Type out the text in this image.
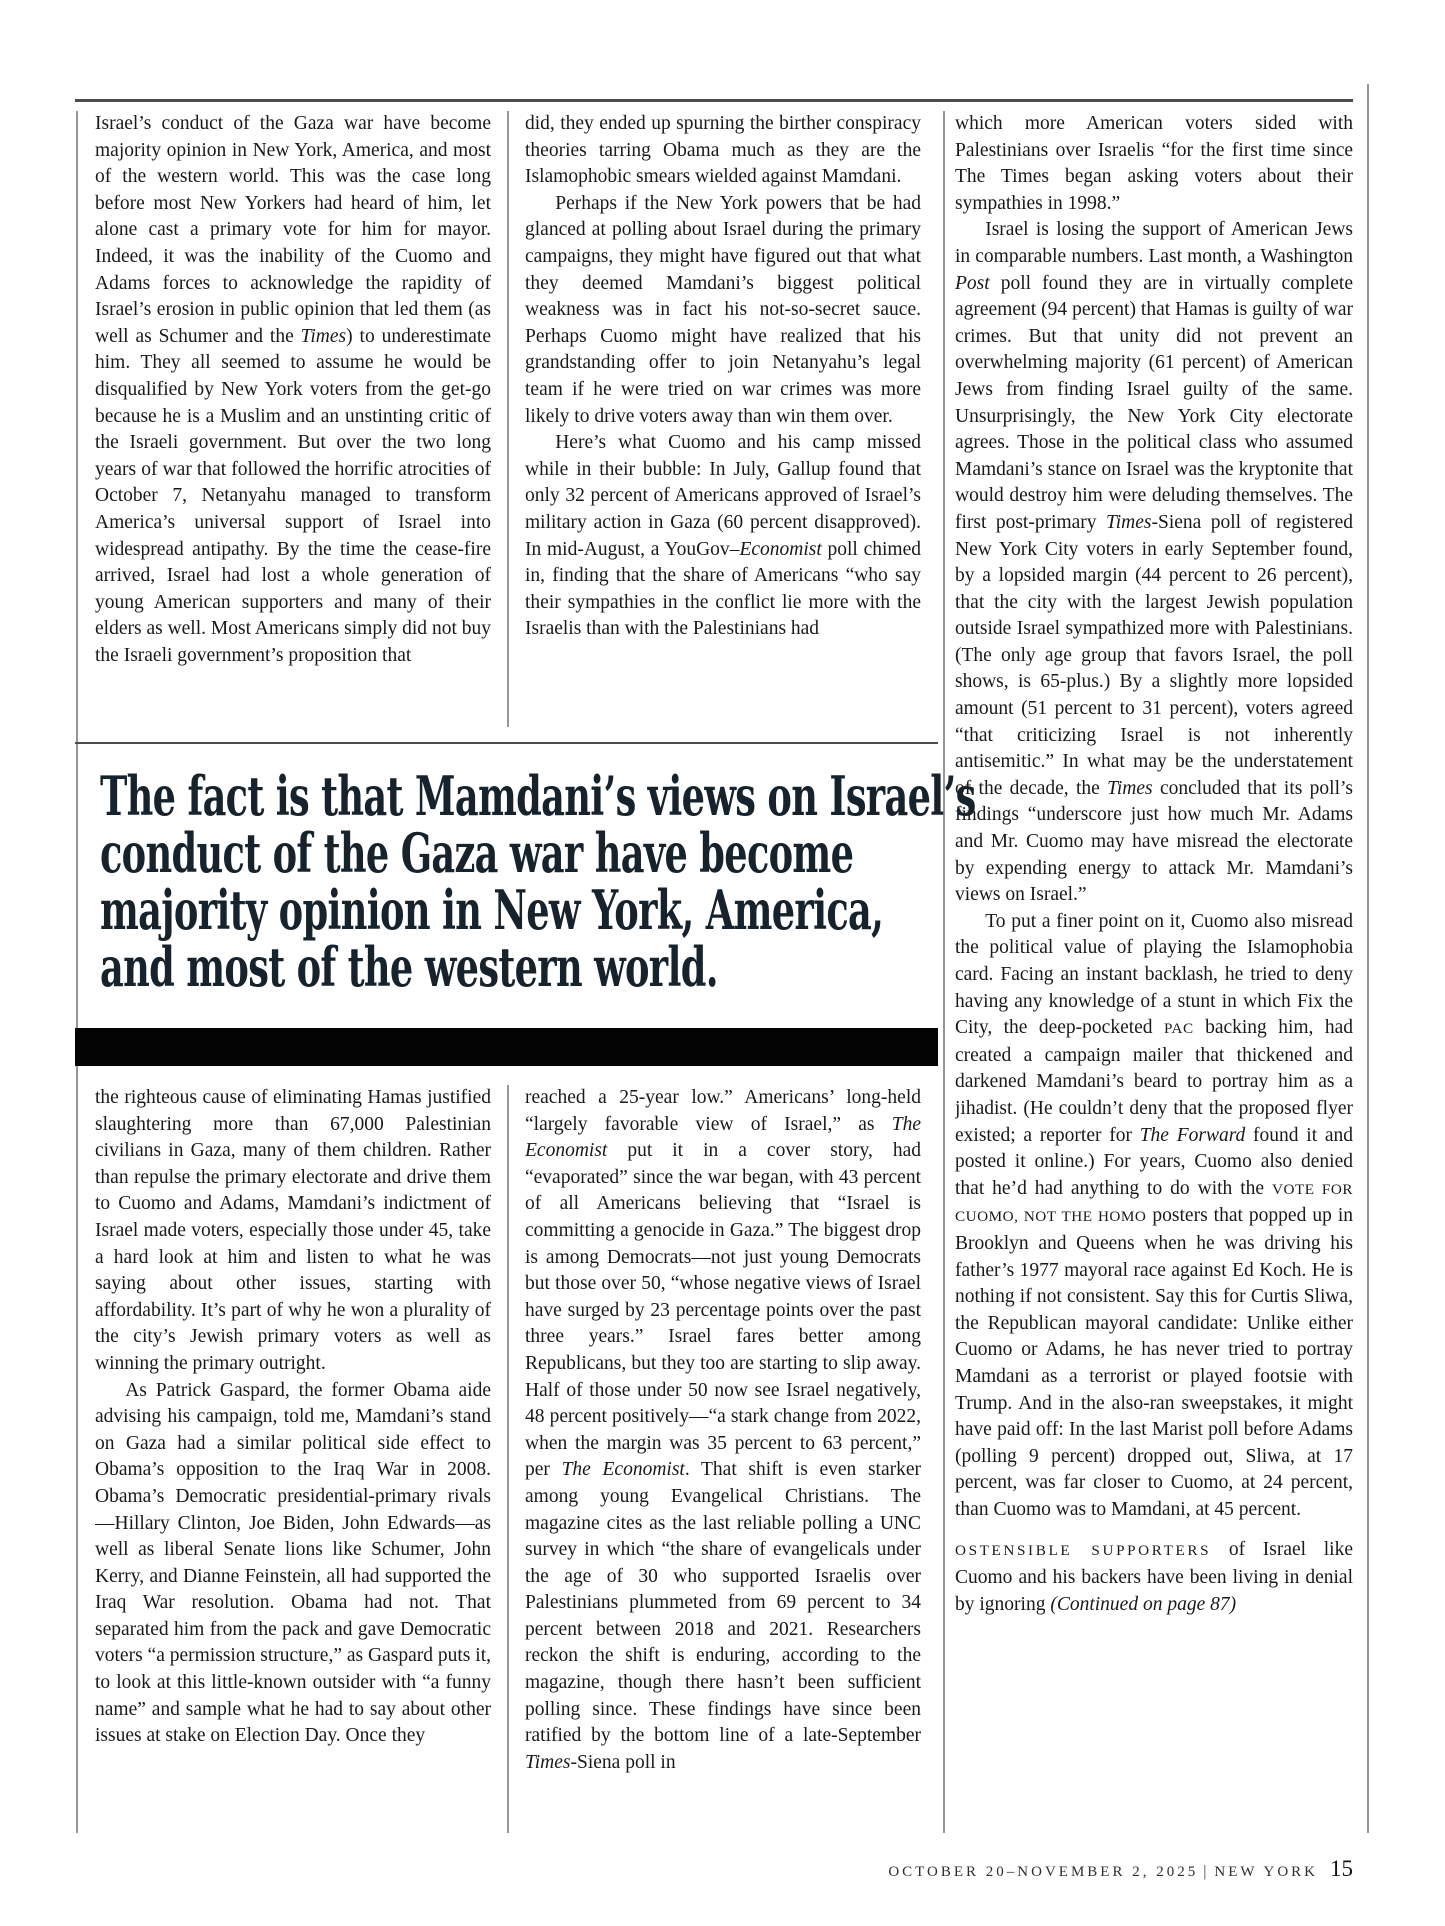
Israel’s conduct of the Gaza war have become majority opinion in New York, America, and most of the western world. This was the case long before most New Yorkers had heard of him, let alone cast a primary vote for him for mayor. Indeed, it was the inability of the Cuomo and Adams forces to acknowledge the rapidity of Israel’s erosion in public opinion that led them (as well as Schumer and the Times) to underestimate him. They all seemed to assume he would be disqualified by New York voters from the get-go because he is a Muslim and an unstinting critic of the Israeli government. But over the two long years of war that followed the horrific atrocities of October 7, Netanyahu managed to transform America’s universal support of Israel into widespread antipathy. By the time the cease-fire arrived, Israel had lost a whole generation of young American supporters and many of their elders as well. Most Americans simply did not buy the Israeli government’s proposition that

did, they ended up spurning the birther conspiracy theories tarring Obama much as they are the Islamophobic smears wielded against Mamdani.

Perhaps if the New York powers that be had glanced at polling about Israel during the primary campaigns, they might have figured out that what they deemed Mamdani’s biggest political weakness was in fact his not-so-secret sauce. Perhaps Cuomo might have realized that his grandstanding offer to join Netanyahu’s legal team if he were tried on war crimes was more likely to drive voters away than win them over.

Here’s what Cuomo and his camp missed while in their bubble: In July, Gallup found that only 32 percent of Americans approved of Israel’s military action in Gaza (60 percent disapproved). In mid-August, a YouGov–Economist poll chimed in, finding that the share of Americans “who say their sympathies in the conflict lie more with the Israelis than with the Palestinians had

which more American voters sided with Palestinians over Israelis “for the first time since The Times began asking voters about their sympathies in 1998.”

Israel is losing the support of American Jews in comparable numbers. Last month, a Washington Post poll found they are in virtually complete agreement (94 percent) that Hamas is guilty of war crimes. But that unity did not prevent an overwhelming majority (61 percent) of American Jews from finding Israel guilty of the same. Unsurprisingly, the New York City electorate agrees. Those in the political class who assumed Mamdani’s stance on Israel was the kryptonite that would destroy him were deluding themselves. The first post-primary Times-Siena poll of registered New York City voters in early September found, by a lopsided margin (44 percent to 26 percent), that the city with the largest Jewish population outside Israel sympathized more with Palestinians. (The only age group that favors Israel, the poll shows, is 65-plus.) By a slightly more lopsided amount (51 percent to 31 percent), voters agreed “that criticizing Israel is not inherently antisemitic.” In what may be the understatement of the decade, the Times concluded that its poll’s findings “underscore just how much Mr. Adams and Mr. Cuomo may have misread the electorate by expending energy to attack Mr. Mamdani’s views on Israel.”

To put a finer point on it, Cuomo also misread the political value of playing the Islamophobia card. Facing an instant backlash, he tried to deny having any knowledge of a stunt in which Fix the City, the deep-pocketed PAC backing him, had created a campaign mailer that thickened and darkened Mamdani’s beard to portray him as a jihadist. (He couldn’t deny that the proposed flyer existed; a reporter for The Forward found it and posted it online.) For years, Cuomo also denied that he’d had anything to do with the VOTE FOR CUOMO, NOT THE HOMO posters that popped up in Brooklyn and Queens when he was driving his father’s 1977 mayoral race against Ed Koch. He is nothing if not consistent. Say this for Curtis Sliwa, the Republican mayoral candidate: Unlike either Cuomo or Adams, he has never tried to portray Mamdani as a terrorist or played footsie with Trump. And in the also-ran sweepstakes, it might have paid off: In the last Marist poll before Adams (polling 9 percent) dropped out, Sliwa, at 17 percent, was far closer to Cuomo, at 24 percent, than Cuomo was to Mamdani, at 45 percent.

OSTENSIBLE SUPPORTERS of Israel like Cuomo and his backers have been living in denial by ignoring (Continued on page 87)

The fact is that Mamdani’s views on Israel’s
conduct of the Gaza war have become
majority opinion in New York, America,
and most of the western world.

the righteous cause of eliminating Hamas justified slaughtering more than 67,000 Palestinian civilians in Gaza, many of them children. Rather than repulse the primary electorate and drive them to Cuomo and Adams, Mamdani’s indictment of Israel made voters, especially those under 45, take a hard look at him and listen to what he was saying about other issues, starting with affordability. It’s part of why he won a plurality of the city’s Jewish primary voters as well as winning the primary outright.

As Patrick Gaspard, the former Obama aide advising his campaign, told me, Mamdani’s stand on Gaza had a similar political side effect to Obama’s opposition to the Iraq War in 2008. Obama’s Democratic presidential-primary rivals—Hillary Clinton, Joe Biden, John Edwards—as well as liberal Senate lions like Schumer, John Kerry, and Dianne Feinstein, all had supported the Iraq War resolution. Obama had not. That separated him from the pack and gave Democratic voters “a permission structure,” as Gaspard puts it, to look at this little-known outsider with “a funny name” and sample what he had to say about other issues at stake on Election Day. Once they

reached a 25-year low.” Americans’ long-held “largely favorable view of Israel,” as The Economist put it in a cover story, had “evaporated” since the war began, with 43 percent of all Americans believing that “Israel is committing a genocide in Gaza.” The biggest drop is among Democrats—not just young Democrats but those over 50, “whose negative views of Israel have surged by 23 percentage points over the past three years.” Israel fares better among Republicans, but they too are starting to slip away. Half of those under 50 now see Israel negatively, 48 percent positively—“a stark change from 2022, when the margin was 35 percent to 63 percent,” per The Economist. That shift is even starker among young Evangelical Christians. The magazine cites as the last reliable polling a UNC survey in which “the share of evangelicals under the age of 30 who supported Israelis over Palestinians plummeted from 69 percent to 34 percent between 2018 and 2021. Researchers reckon the shift is enduring, according to the magazine, though there hasn’t been sufficient polling since. These findings have since been ratified by the bottom line of a late-September Times-Siena poll in

OCTOBER 20–NOVEMBER 2, 2025 | NEW YORK 15
